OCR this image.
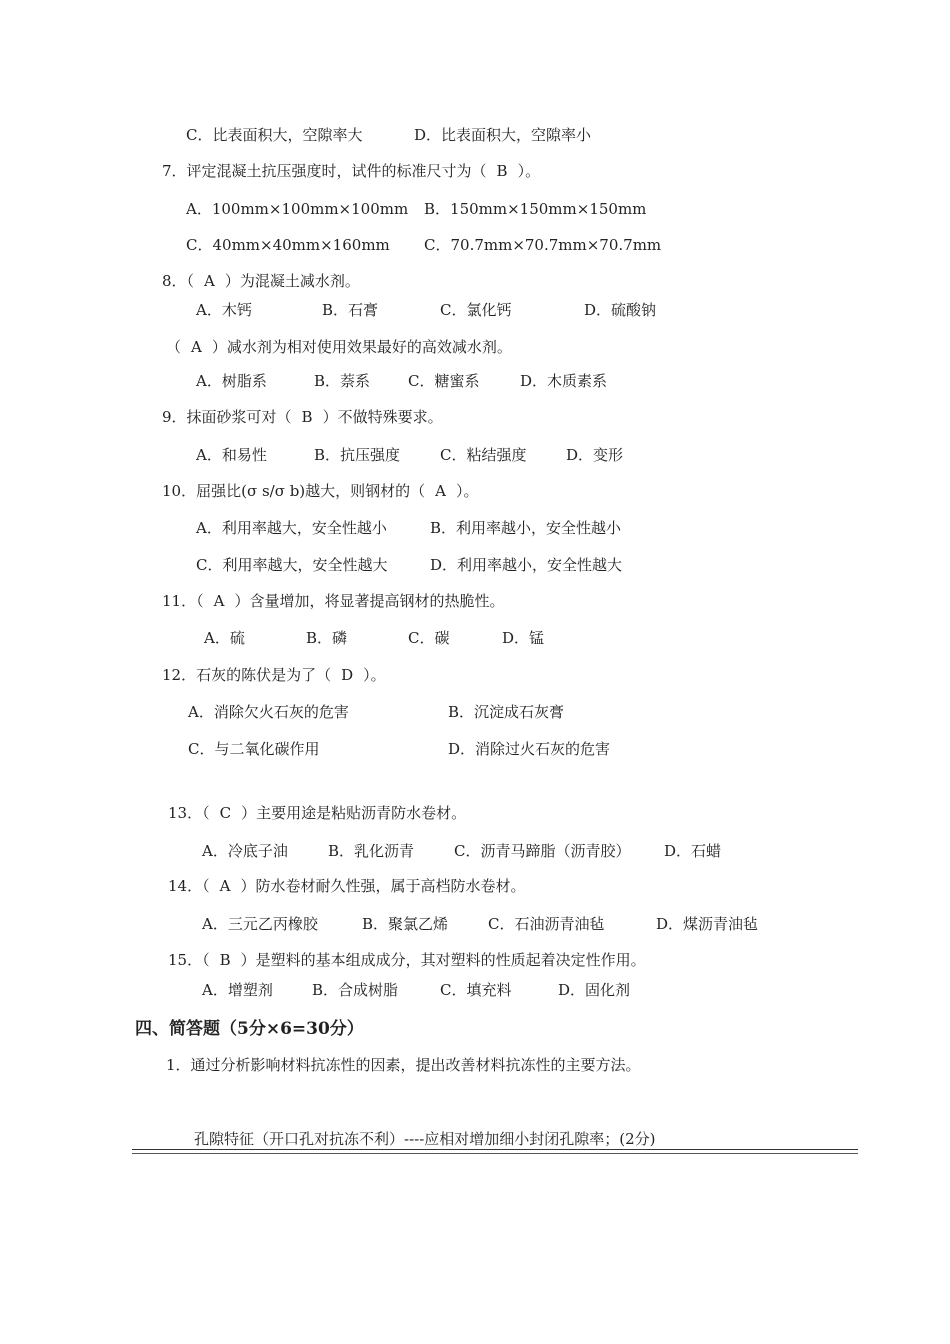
C．比表面积大，空隙率大	D．比表面积大，空隙率小
7．评定混凝土抗压强度时，试件的标准尺寸为（ B ）。
A．100mm×100mm×100mm B．150mm×150mm×150mm
C．40mm×40mm×160mm C．70.7mm×70.7mm×70.7mm
8．（ A ）为混凝土减水剂。
A．木钙	B．石膏	C．氯化钙	D．硫酸钠
（ A ）减水剂为相对使用效果最好的高效减水剂。
A．树脂系	B．萘系	C．糖蜜系	D．木质素系
9．抹面砂浆可对（ B ）不做特殊要求。
A．和易性	B．抗压强度	C．粘结强度	D．变形
10．屈强比(σ s/σ b)越大，则钢材的（ A ）。
A．利用率越大，安全性越小	B．利用率越小，安全性越小
C．利用率越大，安全性越大	D．利用率越小，安全性越大
11．（ A ）含量增加，将显著提高钢材的热脆性。
A．硫	B．磷	C．碳	D．锰
12．石灰的陈伏是为了（ D ）。
A．消除欠火石灰的危害	B．沉淀成石灰膏
C．与二氧化碳作用	D．消除过火石灰的危害
13．（ C ）主要用途是粘贴沥青防水卷材。
A．冷底子油	B．乳化沥青	C．沥青马蹄脂（沥青胶） D．石蜡
14．（ A ）防水卷材耐久性强，属于高档防水卷材。
A．三元乙丙橡胶	B．聚氯乙烯	C．石油沥青油毡	D．煤沥青油毡
15．（ B ）是塑料的基本组成成分，其对塑料的性质起着决定性作用。
A．增塑剂	B．合成树脂	C．填充料	D．固化剂
四、简答题（5分×6=30分）
1．通过分析影响材料抗冻性的因素，提出改善材料抗冻性的主要方法。
孔隙特征（开口孔对抗冻不利）----应相对增加细小封闭孔隙率；(2分)
